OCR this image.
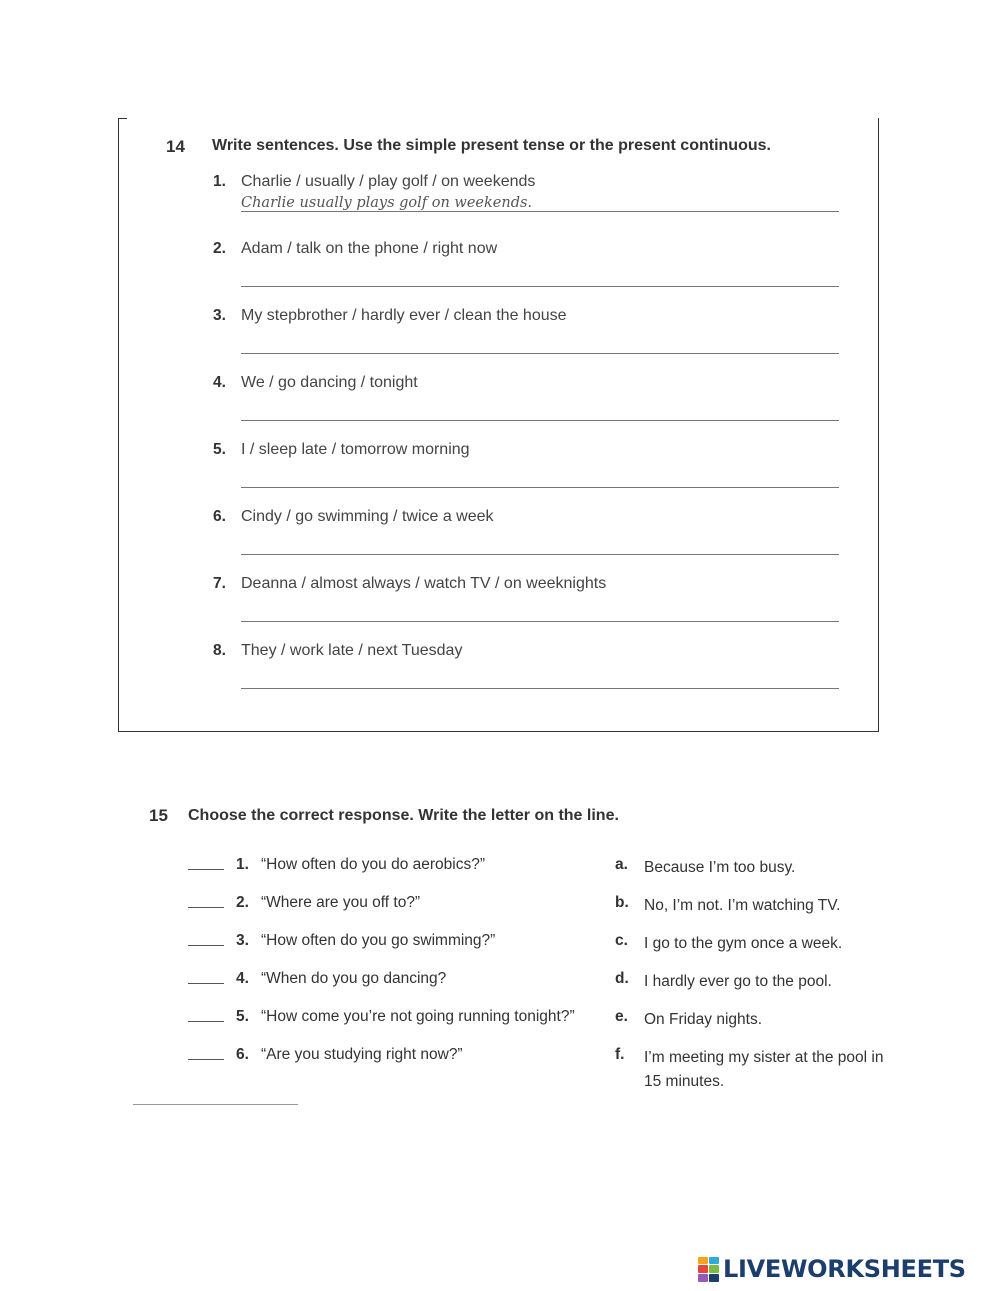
14 Write sentences. Use the simple present tense or the present continuous.
1. Charlie / usually / play golf / on weekends
Charlie usually plays golf on weekends.
2. Adam / talk on the phone / right now
3. My stepbrother / hardly ever / clean the house
4. We / go dancing / tonight
5. I / sleep late / tomorrow morning
6. Cindy / go swimming / twice a week
7. Deanna / almost always / watch TV / on weeknights
8. They / work late / next Tuesday
15 Choose the correct response. Write the letter on the line.
1. “How often do you do aerobics?”	a. Because I’m too busy.
2. “Where are you off to?”	b. No, I’m not. I’m watching TV.
3. “How often do you go swimming?”	c. I go to the gym once a week.
4. “When do you go dancing?	d. I hardly ever go to the pool.
5. “How come you’re not going running tonight?”	e. On Friday nights.
6. “Are you studying right now?”	f. I’m meeting my sister at the pool in 15 minutes.
LIVEWORKSHEETS
